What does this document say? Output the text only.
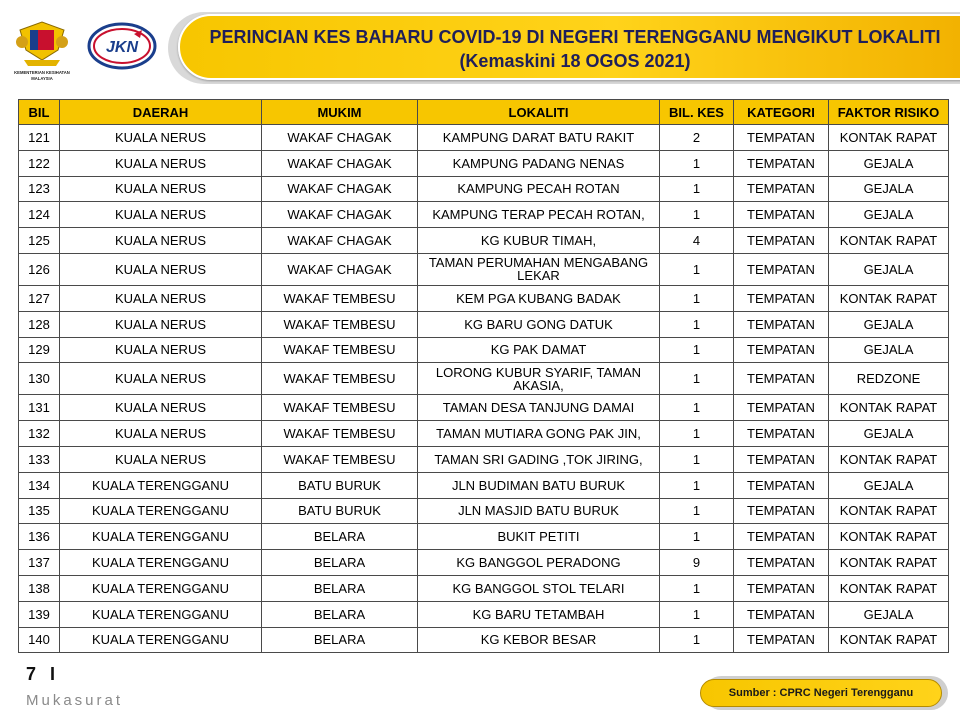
KEMENTERIAN KESIHATAN
MALAYSIA
JKN
PERINCIAN KES BAHARU COVID-19 DI NEGERI TERENGGANU MENGIKUT LOKALITI
(Kemaskini 18 OGOS 2021)
BIL	DAERAH	MUKIM	LOKALITI	BIL. KES	KATEGORI	FAKTOR RISIKO
121	KUALA NERUS	WAKAF CHAGAK	KAMPUNG DARAT BATU RAKIT	2	TEMPATAN	KONTAK RAPAT
122	KUALA NERUS	WAKAF CHAGAK	KAMPUNG PADANG NENAS	1	TEMPATAN	GEJALA
123	KUALA NERUS	WAKAF CHAGAK	KAMPUNG PECAH ROTAN	1	TEMPATAN	GEJALA
124	KUALA NERUS	WAKAF CHAGAK	KAMPUNG TERAP PECAH ROTAN,	1	TEMPATAN	GEJALA
125	KUALA NERUS	WAKAF CHAGAK	KG KUBUR TIMAH,	4	TEMPATAN	KONTAK RAPAT
126	KUALA NERUS	WAKAF CHAGAK	TAMAN PERUMAHAN MENGABANG LEKAR	1	TEMPATAN	GEJALA
127	KUALA NERUS	WAKAF TEMBESU	KEM PGA KUBANG BADAK	1	TEMPATAN	KONTAK RAPAT
128	KUALA NERUS	WAKAF TEMBESU	KG BARU GONG DATUK	1	TEMPATAN	GEJALA
129	KUALA NERUS	WAKAF TEMBESU	KG PAK DAMAT	1	TEMPATAN	GEJALA
130	KUALA NERUS	WAKAF TEMBESU	LORONG KUBUR SYARIF, TAMAN AKASIA,	1	TEMPATAN	REDZONE
131	KUALA NERUS	WAKAF TEMBESU	TAMAN DESA TANJUNG DAMAI	1	TEMPATAN	KONTAK RAPAT
132	KUALA NERUS	WAKAF TEMBESU	TAMAN MUTIARA GONG PAK JIN,	1	TEMPATAN	GEJALA
133	KUALA NERUS	WAKAF TEMBESU	TAMAN SRI GADING ,TOK JIRING,	1	TEMPATAN	KONTAK RAPAT
134	KUALA TERENGGANU	BATU BURUK	JLN BUDIMAN BATU BURUK	1	TEMPATAN	GEJALA
135	KUALA TERENGGANU	BATU BURUK	JLN MASJID BATU BURUK	1	TEMPATAN	KONTAK RAPAT
136	KUALA TERENGGANU	BELARA	BUKIT PETITI	1	TEMPATAN	KONTAK RAPAT
137	KUALA TERENGGANU	BELARA	KG BANGGOL PERADONG	9	TEMPATAN	KONTAK RAPAT
138	KUALA TERENGGANU	BELARA	KG BANGGOL STOL TELARI	1	TEMPATAN	KONTAK RAPAT
139	KUALA TERENGGANU	BELARA	KG BARU TETAMBAH	1	TEMPATAN	GEJALA
140	KUALA TERENGGANU	BELARA	KG KEBOR BESAR	1	TEMPATAN	KONTAK RAPAT
7 I
Mukasurat	Sumber : CPRC Negeri Terengganu
